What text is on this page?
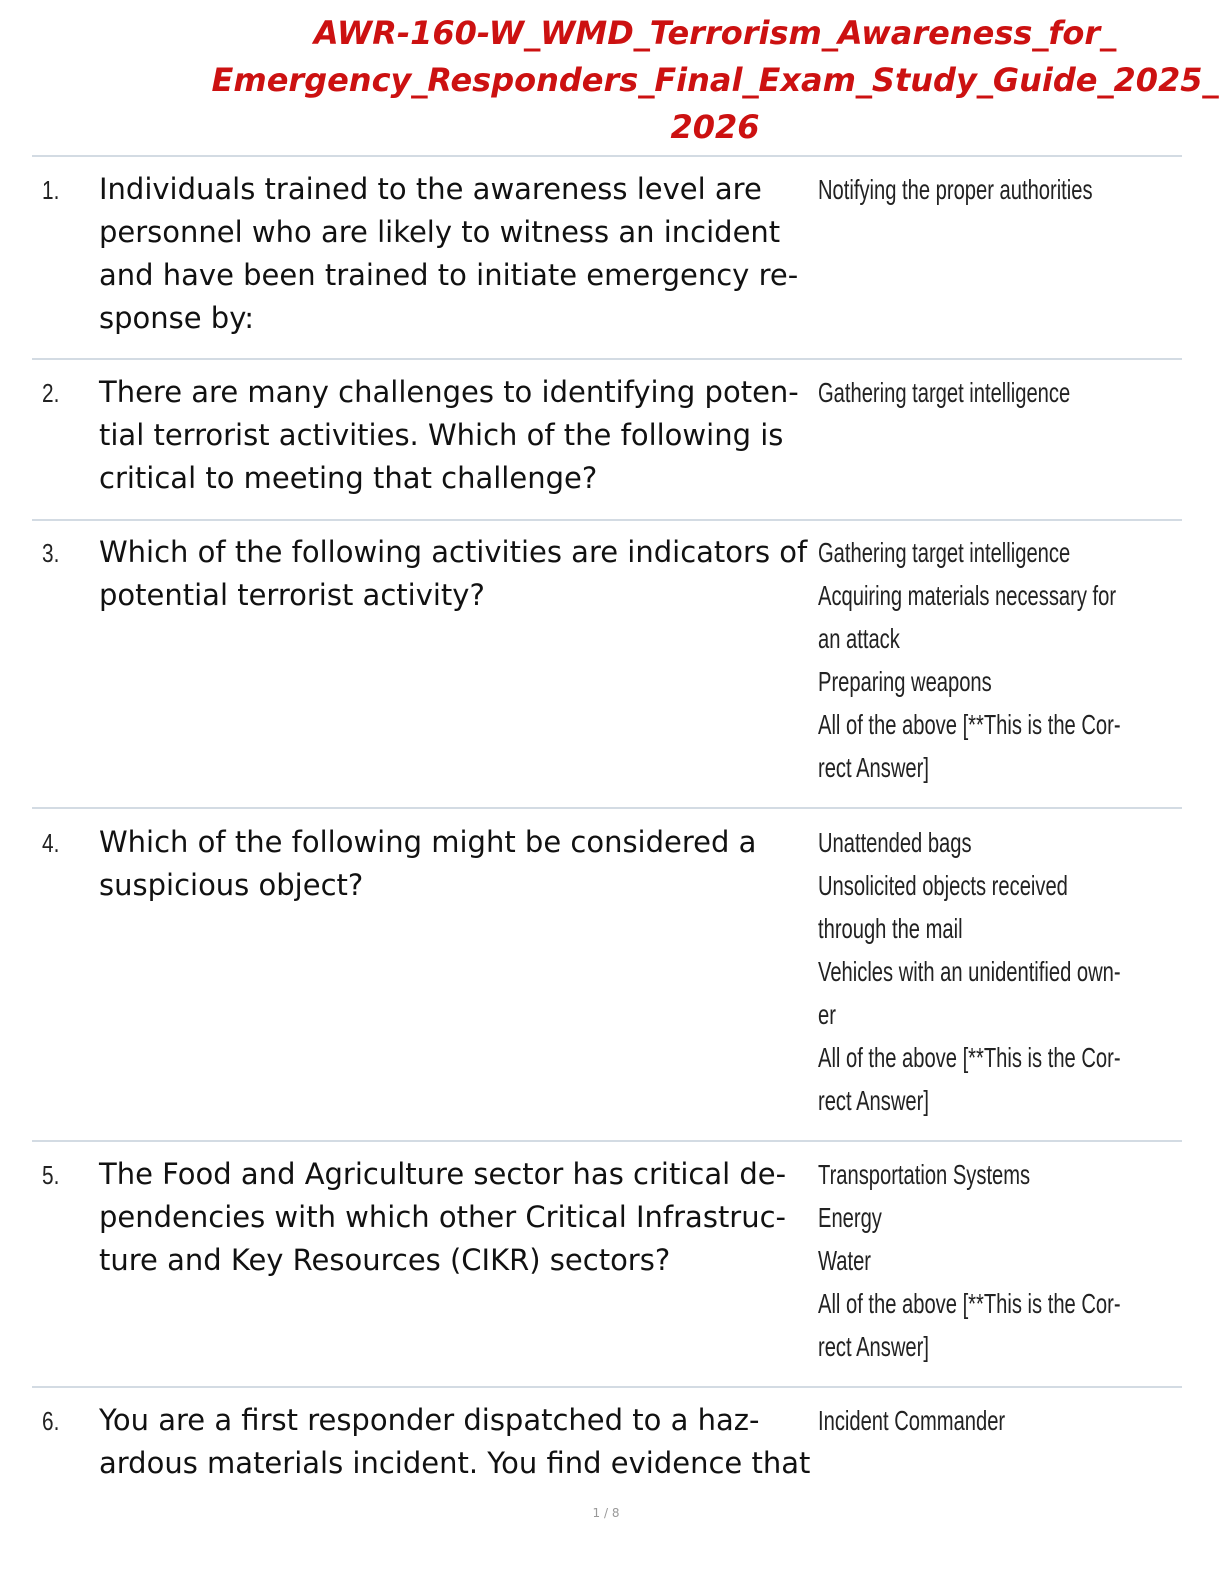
AWR-160-W_WMD_Terrorism_Awareness_for_
Emergency_Responders_Final_Exam_Study_Guide_2025_
2026
1. Individuals trained to the awareness level are
personnel who are likely to witness an incident
and have been trained to initiate emergency re-
sponse by:
Notifying the proper authorities
2. There are many challenges to identifying poten-
tial terrorist activities. Which of the following is
critical to meeting that challenge?
Gathering target intelligence
3. Which of the following activities are indicators of
potential terrorist activity?
Gathering target intelligence
Acquiring materials necessary for
an attack
Preparing weapons
All of the above [**This is the Cor-
rect Answer]
4. Which of the following might be considered a
suspicious object?
Unattended bags
Unsolicited objects received
through the mail
Vehicles with an unidentified own-
er
All of the above [**This is the Cor-
rect Answer]
5. The Food and Agriculture sector has critical de-
pendencies with which other Critical Infrastruc-
ture and Key Resources (CIKR) sectors?
Transportation Systems
Energy
Water
All of the above [**This is the Cor-
rect Answer]
6. You are a first responder dispatched to a haz-
ardous materials incident. You find evidence that
Incident Commander
1 / 8
